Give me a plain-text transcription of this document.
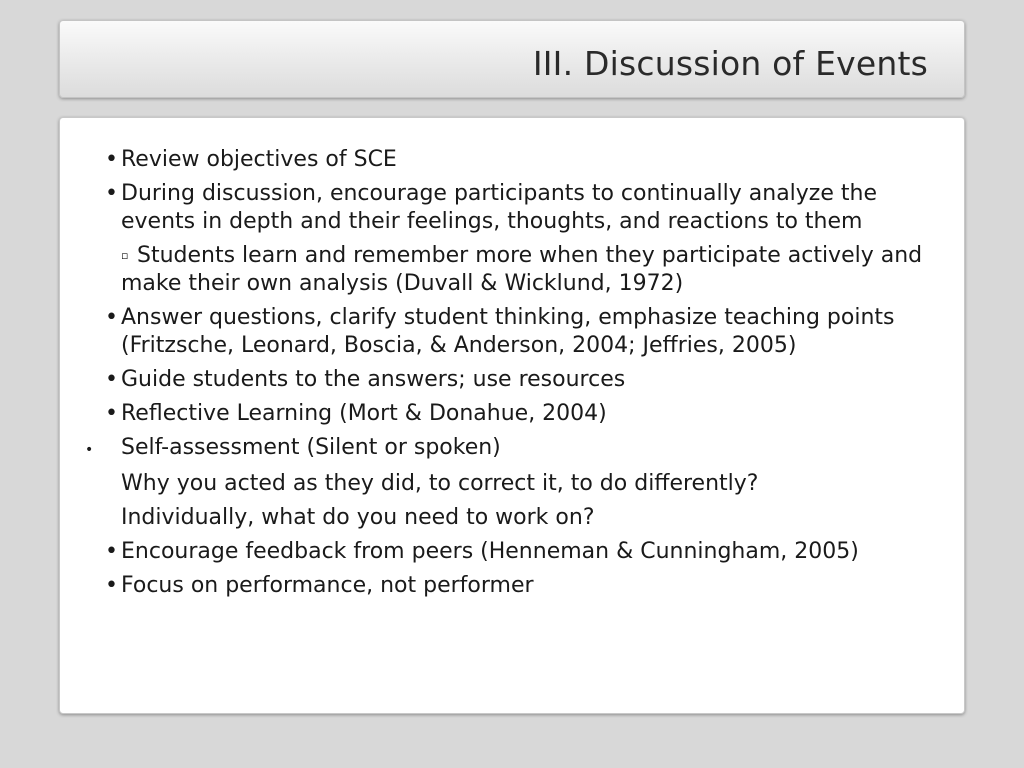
III. Discussion of Events
• Review objectives of SCE
• During discussion, encourage participants to continually analyze the events in depth and their feelings, thoughts, and reactions to them
▫ Students learn and remember more when they participate actively and make their own analysis (Duvall & Wicklund, 1972)
• Answer questions, clarify student thinking, emphasize teaching points (Fritzsche, Leonard, Boscia, & Anderson, 2004; Jeffries, 2005)
• Guide students to the answers; use resources
• Reflective Learning (Mort & Donahue, 2004)
• Self-assessment (Silent or spoken)
Why you acted as they did, to correct it, to do differently?
Individually, what do you need to work on?
• Encourage feedback from peers (Henneman & Cunningham, 2005)
• Focus on performance, not performer
